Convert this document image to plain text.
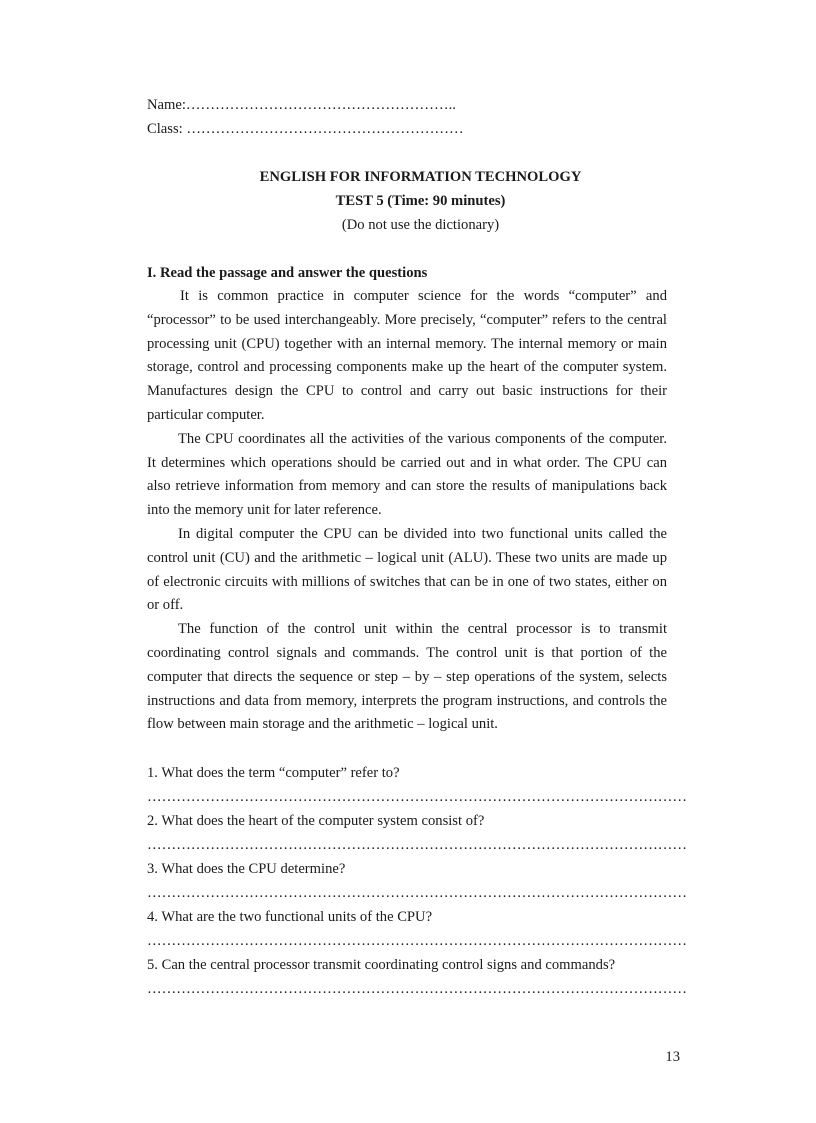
Name:………………………………………………..
Class: …………………………………………………
ENGLISH FOR INFORMATION TECHNOLOGY
TEST 5 (Time: 90 minutes)
(Do not use the dictionary)
I. Read the passage and answer the questions

It is common practice in computer science for the words “computer” and “processor” to be used interchangeably. More precisely, “computer” refers to the central processing unit (CPU) together with an internal memory. The internal memory or main storage, control and processing components make up the heart of the computer system. Manufactures design the CPU to control and carry out basic instructions for their particular computer.

The CPU coordinates all the activities of the various components of the computer. It determines which operations should be carried out and in what order. The CPU can also retrieve information from memory and can store the results of manipulations back into the memory unit for later reference.

In digital computer the CPU can be divided into two functional units called the control unit (CU) and the arithmetic – logical unit (ALU). These two units are made up of electronic circuits with millions of switches that can be in one of two states, either on or off.

The function of the control unit within the central processor is to transmit coordinating control signals and commands. The control unit is that portion of the computer that directs the sequence or step – by – step operations of the system, selects instructions and data from memory, interprets the program instructions, and controls the flow between main storage and the arithmetic – logical unit.

1. What does the term “computer” refer to?
…………………………………………………………………………………………………
2. What does the heart of the computer system consist of?
…………………………………………………………………………………………………
3. What does the CPU determine?
…………………………………………………………………………………………………
4. What are the two functional units of the CPU?
…………………………………………………………………………………………………
5. Can the central processor transmit coordinating control signs and commands?
…………………………………………………………………………………………………
13
